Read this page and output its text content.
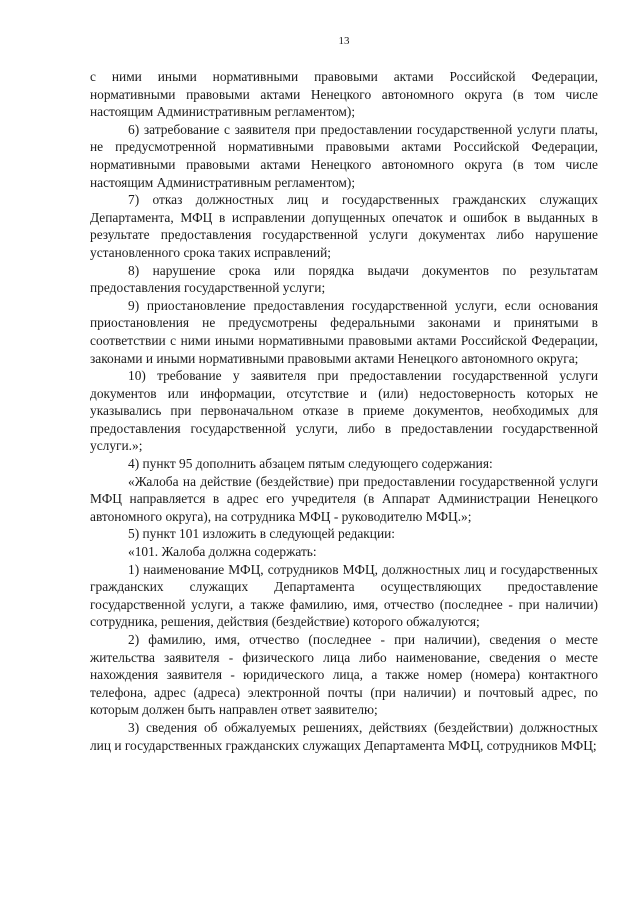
13

с ними иными нормативными правовыми актами Российской Федерации, нормативными правовыми актами Ненецкого автономного округа (в том числе настоящим Административным регламентом);

6) затребование с заявителя при предоставлении государственной услуги платы, не предусмотренной нормативными правовыми актами Российской Федерации, нормативными правовыми актами Ненецкого автономного округа (в том числе настоящим Административным регламентом);

7) отказ должностных лиц и государственных гражданских служащих Департамента, МФЦ в исправлении допущенных опечаток и ошибок в выданных в результате предоставления государственной услуги документах либо нарушение установленного срока таких исправлений;

8) нарушение срока или порядка выдачи документов по результатам предоставления государственной услуги;

9) приостановление предоставления государственной услуги, если основания приостановления не предусмотрены федеральными законами и принятыми в соответствии с ними иными нормативными правовыми актами Российской Федерации, законами и иными нормативными правовыми актами Ненецкого автономного округа;

10) требование у заявителя при предоставлении государственной услуги документов или информации, отсутствие и (или) недостоверность которых не указывались при первоначальном отказе в приеме документов, необходимых для предоставления государственной услуги, либо в предоставлении государственной услуги.»;

4) пункт 95 дополнить абзацем пятым следующего содержания:

«Жалоба на действие (бездействие) при предоставлении государственной услуги МФЦ направляется в адрес его учредителя (в Аппарат Администрации Ненецкого автономного округа), на сотрудника МФЦ - руководителю МФЦ.»;

5) пункт 101 изложить в следующей редакции:

«101. Жалоба должна содержать:

1) наименование МФЦ, сотрудников МФЦ, должностных лиц и государственных гражданских служащих Департамента осуществляющих предоставление государственной услуги, а также фамилию, имя, отчество (последнее - при наличии) сотрудника, решения, действия (бездействие) которого обжалуются;

2) фамилию, имя, отчество (последнее - при наличии), сведения о месте жительства заявителя - физического лица либо наименование, сведения о месте нахождения заявителя - юридического лица, а также номер (номера) контактного телефона, адрес (адреса) электронной почты (при наличии) и почтовый адрес, по которым должен быть направлен ответ заявителю;

3) сведения об обжалуемых решениях, действиях (бездействии) должностных лиц и государственных гражданских служащих Департамента МФЦ, сотрудников МФЦ;
